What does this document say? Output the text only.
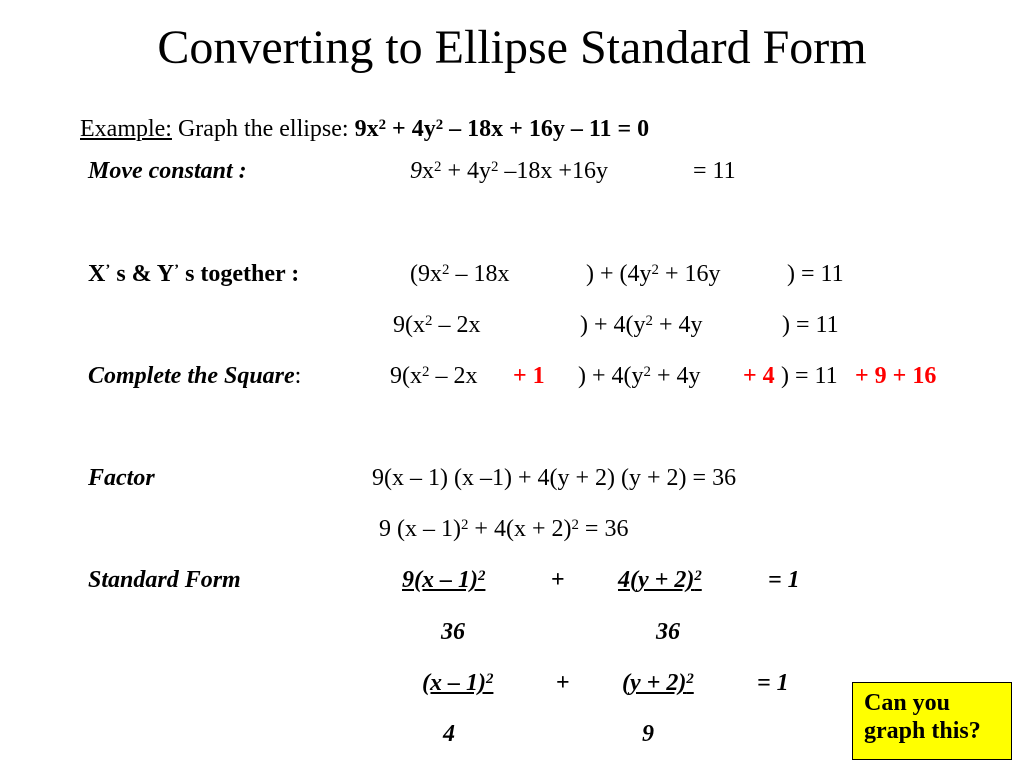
Converting to Ellipse Standard Form
Example: Graph the ellipse: $9x^2 + 4y^2 - 18x + 16y - 11 = 0$
Move constant :	$9x^2 + 4y^2$ –18x +16y	= 11
X’ s & Y’ s together :	($9x^2 - 18x$	) + ($4y^2 + 16y$	) = 11
$9(x^2 - 2x$	) + $4(y^2 + 4y$	) = 11
Complete the Square:	$9(x^2 - 2x + 1$ ) + $4(y^2 + 4y + 4$ ) = 11 + 9 + 16
Factor	9(x – 1) (x –1) + 4(y + 2) (y + 2) = 36
9 $(x - 1)^2 + 4(x + 2)^2 = 36$
Standard Form	9(x – 1)$^2$	+ $4(y + 2)^2$	= 1
36	36
(x – 1)$^2$	+ $(y + 2)^2$	= 1
4	9
Can you
graph this?
